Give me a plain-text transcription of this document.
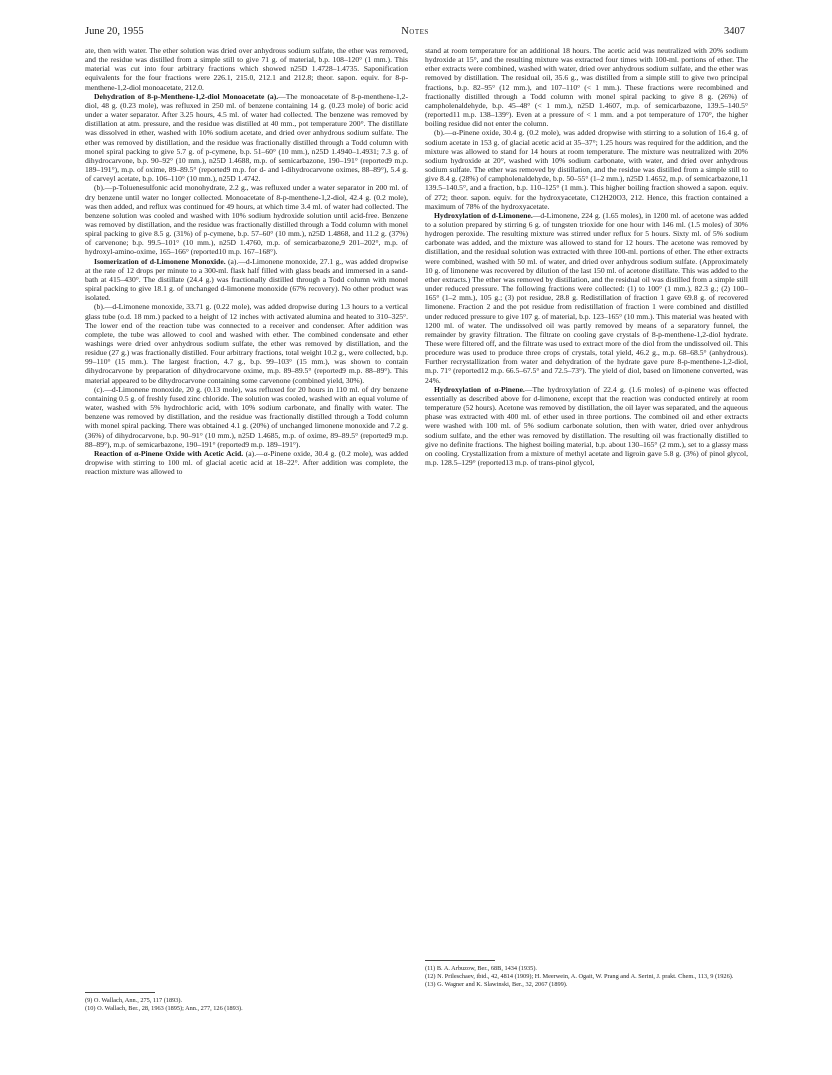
June 20, 1955	Notes	3407

ate, then with water. The ether solution was dried over anhydrous sodium sulfate, the ether was removed, and the residue was distilled from a simple still to give 71 g. of material, b.p. 108–120° (1 mm.). This material was cut into four arbitrary fractions which showed n25D 1.4728–1.4735. Saponification equivalents for the four fractions were 226.1, 215.0, 212.1 and 212.8; theor. sapon. equiv. for 8-p-menthene-1,2-diol monoacetate, 212.0.

Dehydration of 8-p-Menthene-1,2-diol Monoacetate (a).—The monoacetate of 8-p-menthene-1,2-diol, 48 g. (0.23 mole), was refluxed in 250 ml. of benzene containing 14 g. (0.23 mole) of boric acid under a water separator. After 3.25 hours, 4.5 ml. of water had collected. The benzene was removed by distillation at atm. pressure, and the residue was distilled at 40 mm., pot temperature 200°. The distillate was dissolved in ether, washed with 10% sodium acetate, and dried over anhydrous sodium sulfate. The ether was removed by distillation, and the residue was fractionally distilled through a Todd column with monel spiral packing to give 5.7 g. of p-cymene, b.p. 51–60° (10 mm.), n25D 1.4940–1.4931; 7.3 g. of dihydrocarvone, b.p. 90–92° (10 mm.), n25D 1.4688, m.p. of semicarbazone, 190–191° (reported9 m.p. 189–191°), m.p. of oxime, 89–89.5° (reported9 m.p. for d- and l-dihydrocarvone oximes, 88–89°), 5.4 g. of carveyl acetate, b.p. 106–110° (10 mm.), n25D 1.4742.

(b).—p-Toluenesulfonic acid monohydrate, 2.2 g., was refluxed under a water separator in 200 ml. of dry benzene until water no longer collected. Monoacetate of 8-p-menthene-1,2-diol, 42.4 g. (0.2 mole), was then added, and reflux was continued for 49 hours, at which time 3.4 ml. of water had collected. The benzene solution was cooled and washed with 10% sodium hydroxide solution until acid-free. Benzene was removed by distillation, and the residue was fractionally distilled through a Todd column with monel spiral packing to give 8.5 g. (31%) of p-cymene, b.p. 57–60° (10 mm.), n25D 1.4868, and 11.2 g. (37%) of carvenone; b.p. 99.5–101° (10 mm.), n25D 1.4760, m.p. of semicarbazone,9 201–202°, m.p. of hydroxyl-amino-oxime, 165–166° (reported10 m.p. 167–168°).

Isomerization of d-Limonene Monoxide. (a).—d-Limonene monoxide, 27.1 g., was added dropwise at the rate of 12 drops per minute to a 300-ml. flask half filled with glass beads and immersed in a sand-bath at 415–430°. The distillate (24.4 g.) was fractionally distilled through a Todd column with monel spiral packing to give 18.1 g. of unchanged d-limonene monoxide (67% recovery). No other product was isolated.

(b).—d-Limonene monoxide, 33.71 g. (0.22 mole), was added dropwise during 1.3 hours to a vertical glass tube (o.d. 18 mm.) packed to a height of 12 inches with activated alumina and heated to 310–325°. The lower end of the reaction tube was connected to a receiver and condenser. After addition was complete, the tube was allowed to cool and washed with ether. The combined condensate and ether washings were dried over anhydrous sodium sulfate, the ether was removed by distillation, and the residue (27 g.) was fractionally distilled. Four arbitrary fractions, total weight 10.2 g., were collected, b.p. 99–110° (15 mm.). The largest fraction, 4.7 g., b.p. 99–103° (15 mm.), was shown to contain dihydrocarvone by preparation of dihydrocarvone oxime, m.p. 89–89.5° (reported9 m.p. 88–89°). This material appeared to be dihydrocarvone containing some carvenone (combined yield, 30%).

(c).—d-Limonene monoxide, 20 g. (0.13 mole), was refluxed for 20 hours in 110 ml. of dry benzene containing 0.5 g. of freshly fused zinc chloride. The solution was cooled, washed with an equal volume of water, washed with 5% hydrochloric acid, with 10% sodium carbonate, and finally with water. The benzene was removed by distillation, and the residue was fractionally distilled through a Todd column with monel spiral packing. There was obtained 4.1 g. (20%) of unchanged limonene monoxide and 7.2 g. (36%) of dihydrocarvone, b.p. 90–91° (10 mm.), n25D 1.4685, m.p. of oxime, 89–89.5° (reported9 m.p. 88–89°), m.p. of semicarbazone, 190–191° (reported9 m.p. 189–191°).

Reaction of α-Pinene Oxide with Acetic Acid. (a).—α-Pinene oxide, 30.4 g. (0.2 mole), was added dropwise with stirring to 100 ml. of glacial acetic acid at 18–22°. After addition was complete, the reaction mixture was allowed to

stand at room temperature for an additional 18 hours. The acetic acid was neutralized with 20% sodium hydroxide at 15°, and the resulting mixture was extracted four times with 100-ml. portions of ether. The ether extracts were combined, washed with water, dried over anhydrous sodium sulfate, and the ether was removed by distillation. The residual oil, 35.6 g., was distilled from a simple still to give two principal fractions, b.p. 82–95° (12 mm.), and 107–110° (< 1 mm.). These fractions were recombined and fractionally distilled through a Todd column with monel spiral packing to give 8 g. (26%) of campholenaldehyde, b.p. 45–48° (< 1 mm.), n25D 1.4607, m.p. of semicarbazone, 139.5–140.5° (reported11 m.p. 138–139°). Even at a pressure of < 1 mm. and a pot temperature of 170°, the higher boiling residue did not enter the column.

(b).—α-Pinene oxide, 30.4 g. (0.2 mole), was added dropwise with stirring to a solution of 16.4 g. of sodium acetate in 153 g. of glacial acetic acid at 35–37°; 1.25 hours was required for the addition, and the mixture was allowed to stand for 14 hours at room temperature. The mixture was neutralized with 20% sodium hydroxide at 20°, washed with 10% sodium carbonate, with water, and dried over anhydrous sodium sulfate. The ether was removed by distillation, and the residue was distilled from a simple still to give 8.4 g. (28%) of campholenaldehyde, b.p. 50–55° (1–2 mm.), n25D 1.4652, m.p. of semicarbazone,11 139.5–140.5°, and a fraction, b.p. 110–125° (1 mm.). This higher boiling fraction showed a sapon. equiv. of 272; theor. sapon. equiv. for the hydroxyacetate, C12H20O3, 212. Hence, this fraction contained a maximum of 78% of the hydroxyacetate.

Hydroxylation of d-Limonene.—d-Limonene, 224 g. (1.65 moles), in 1200 ml. of acetone was added to a solution prepared by stirring 6 g. of tungsten trioxide for one hour with 146 ml. (1.5 moles) of 30% hydrogen peroxide. The resulting mixture was stirred under reflux for 5 hours. Sixty ml. of 5% sodium carbonate was added, and the mixture was allowed to stand for 12 hours. The acetone was removed by distillation, and the residual solution was extracted with three 100-ml. portions of ether. The ether extracts were combined, washed with 50 ml. of water, and dried over anhydrous sodium sulfate. (Approximately 10 g. of limonene was recovered by dilution of the last 150 ml. of acetone distillate. This was added to the ether extracts.) The ether was removed by distillation, and the residual oil was distilled from a simple still under reduced pressure. The following fractions were collected: (1) to 100° (1 mm.), 82.3 g.; (2) 100–165° (1–2 mm.), 105 g.; (3) pot residue, 28.8 g. Redistillation of fraction 1 gave 69.8 g. of recovered limonene. Fraction 2 and the pot residue from redistillation of fraction 1 were combined and distilled under reduced pressure to give 107 g. of material, b.p. 123–165° (10 mm.). This material was heated with 1200 ml. of water. The undissolved oil was partly removed by means of a separatory funnel, the remainder by gravity filtration. The filtrate on cooling gave crystals of 8-p-menthene-1,2-diol hydrate. These were filtered off, and the filtrate was used to extract more of the diol from the undissolved oil. This procedure was used to produce three crops of crystals, total yield, 46.2 g., m.p. 68–68.5° (anhydrous). Further recrystallization from water and dehydration of the hydrate gave pure 8-p-menthene-1,2-diol, m.p. 71° (reported12 m.p. 66.5–67.5° and 72.5–73°). The yield of diol, based on limonene converted, was 24%.

Hydroxylation of α-Pinene.—The hydroxylation of 22.4 g. (1.6 moles) of α-pinene was effected essentially as described above for d-limonene, except that the reaction was conducted entirely at room temperature (52 hours). Acetone was removed by distillation, the oil layer was separated, and the aqueous phase was extracted with 400 ml. of ether used in three portions. The combined oil and ether extracts were washed with 100 ml. of 5% sodium carbonate solution, then with water, dried over anhydrous sodium sulfate, and the ether was removed by distillation. The resulting oil was fractionally distilled to give no definite fractions. The highest boiling material, b.p. about 130–165° (2 mm.), set to a glassy mass on cooling. Crystallization from a mixture of methyl acetate and ligroin gave 5.8 g. (3%) of pinol glycol, m.p. 128.5–129° (reported13 m.p. of trans-pinol glycol,

(9) O. Wallach, Ann., 275, 117 (1893).
(10) O. Wallach, Ber., 28, 1963 (1895); Ann., 277, 126 (1893).
(11) B. A. Arbuzow, Ber., 68B, 1434 (1935).
(12) N. Prileschaev, ibid., 42, 4814 (1909); H. Meerwein, A. Ogait, W. Prang and A. Serini, J. prakt. Chem., 113, 9 (1926).
(13) G. Wagner and K. Slawinski, Ber., 32, 2067 (1899).
